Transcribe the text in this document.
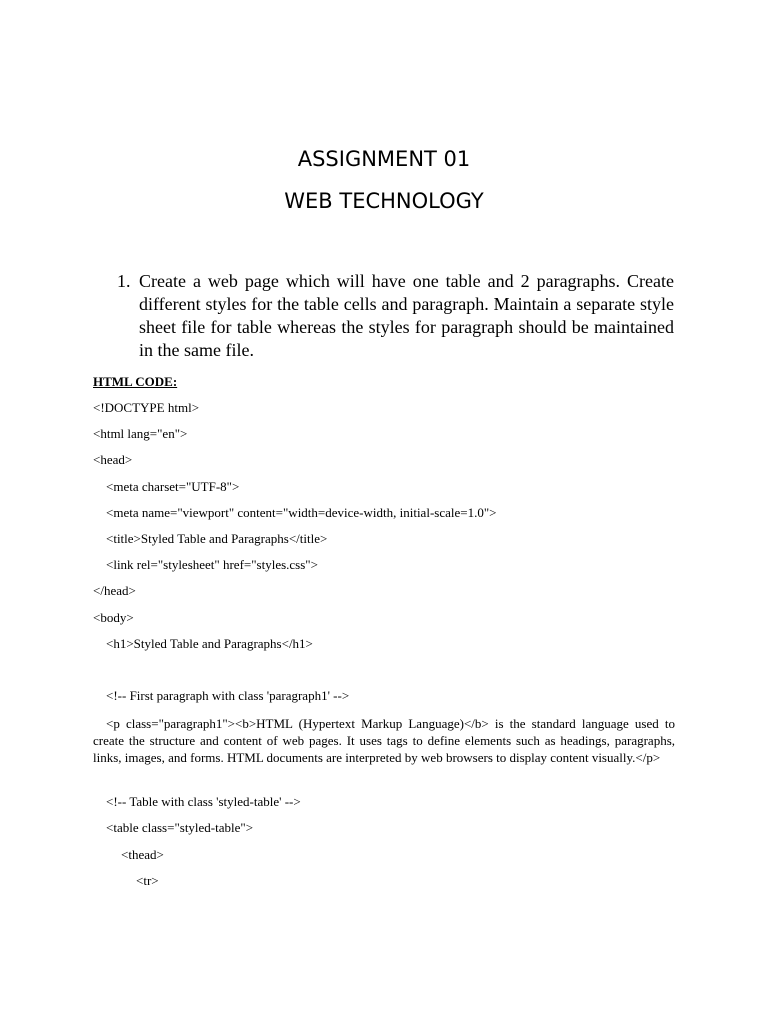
ASSIGNMENT 01
WEB TECHNOLOGY
1. Create a web page which will have one table and 2 paragraphs. Create different styles for the table cells and paragraph. Maintain a separate style sheet file for table whereas the styles for paragraph should be maintained in the same file.
HTML CODE:
<!DOCTYPE html>
<html lang="en">
<head>
<meta charset="UTF-8">
<meta name="viewport" content="width=device-width, initial-scale=1.0">
<title>Styled Table and Paragraphs</title>
<link rel="stylesheet" href="styles.css">
</head>
<body>
<h1>Styled Table and Paragraphs</h1>
<!-- First paragraph with class 'paragraph1' -->
<p class="paragraph1"><b>HTML (Hypertext Markup Language)</b> is the standard language used to create the structure and content of web pages. It uses tags to define elements such as headings, paragraphs, links, images, and forms. HTML documents are interpreted by web browsers to display content visually.</p>
<!-- Table with class 'styled-table' -->
<table class="styled-table">
<thead>
<tr>
